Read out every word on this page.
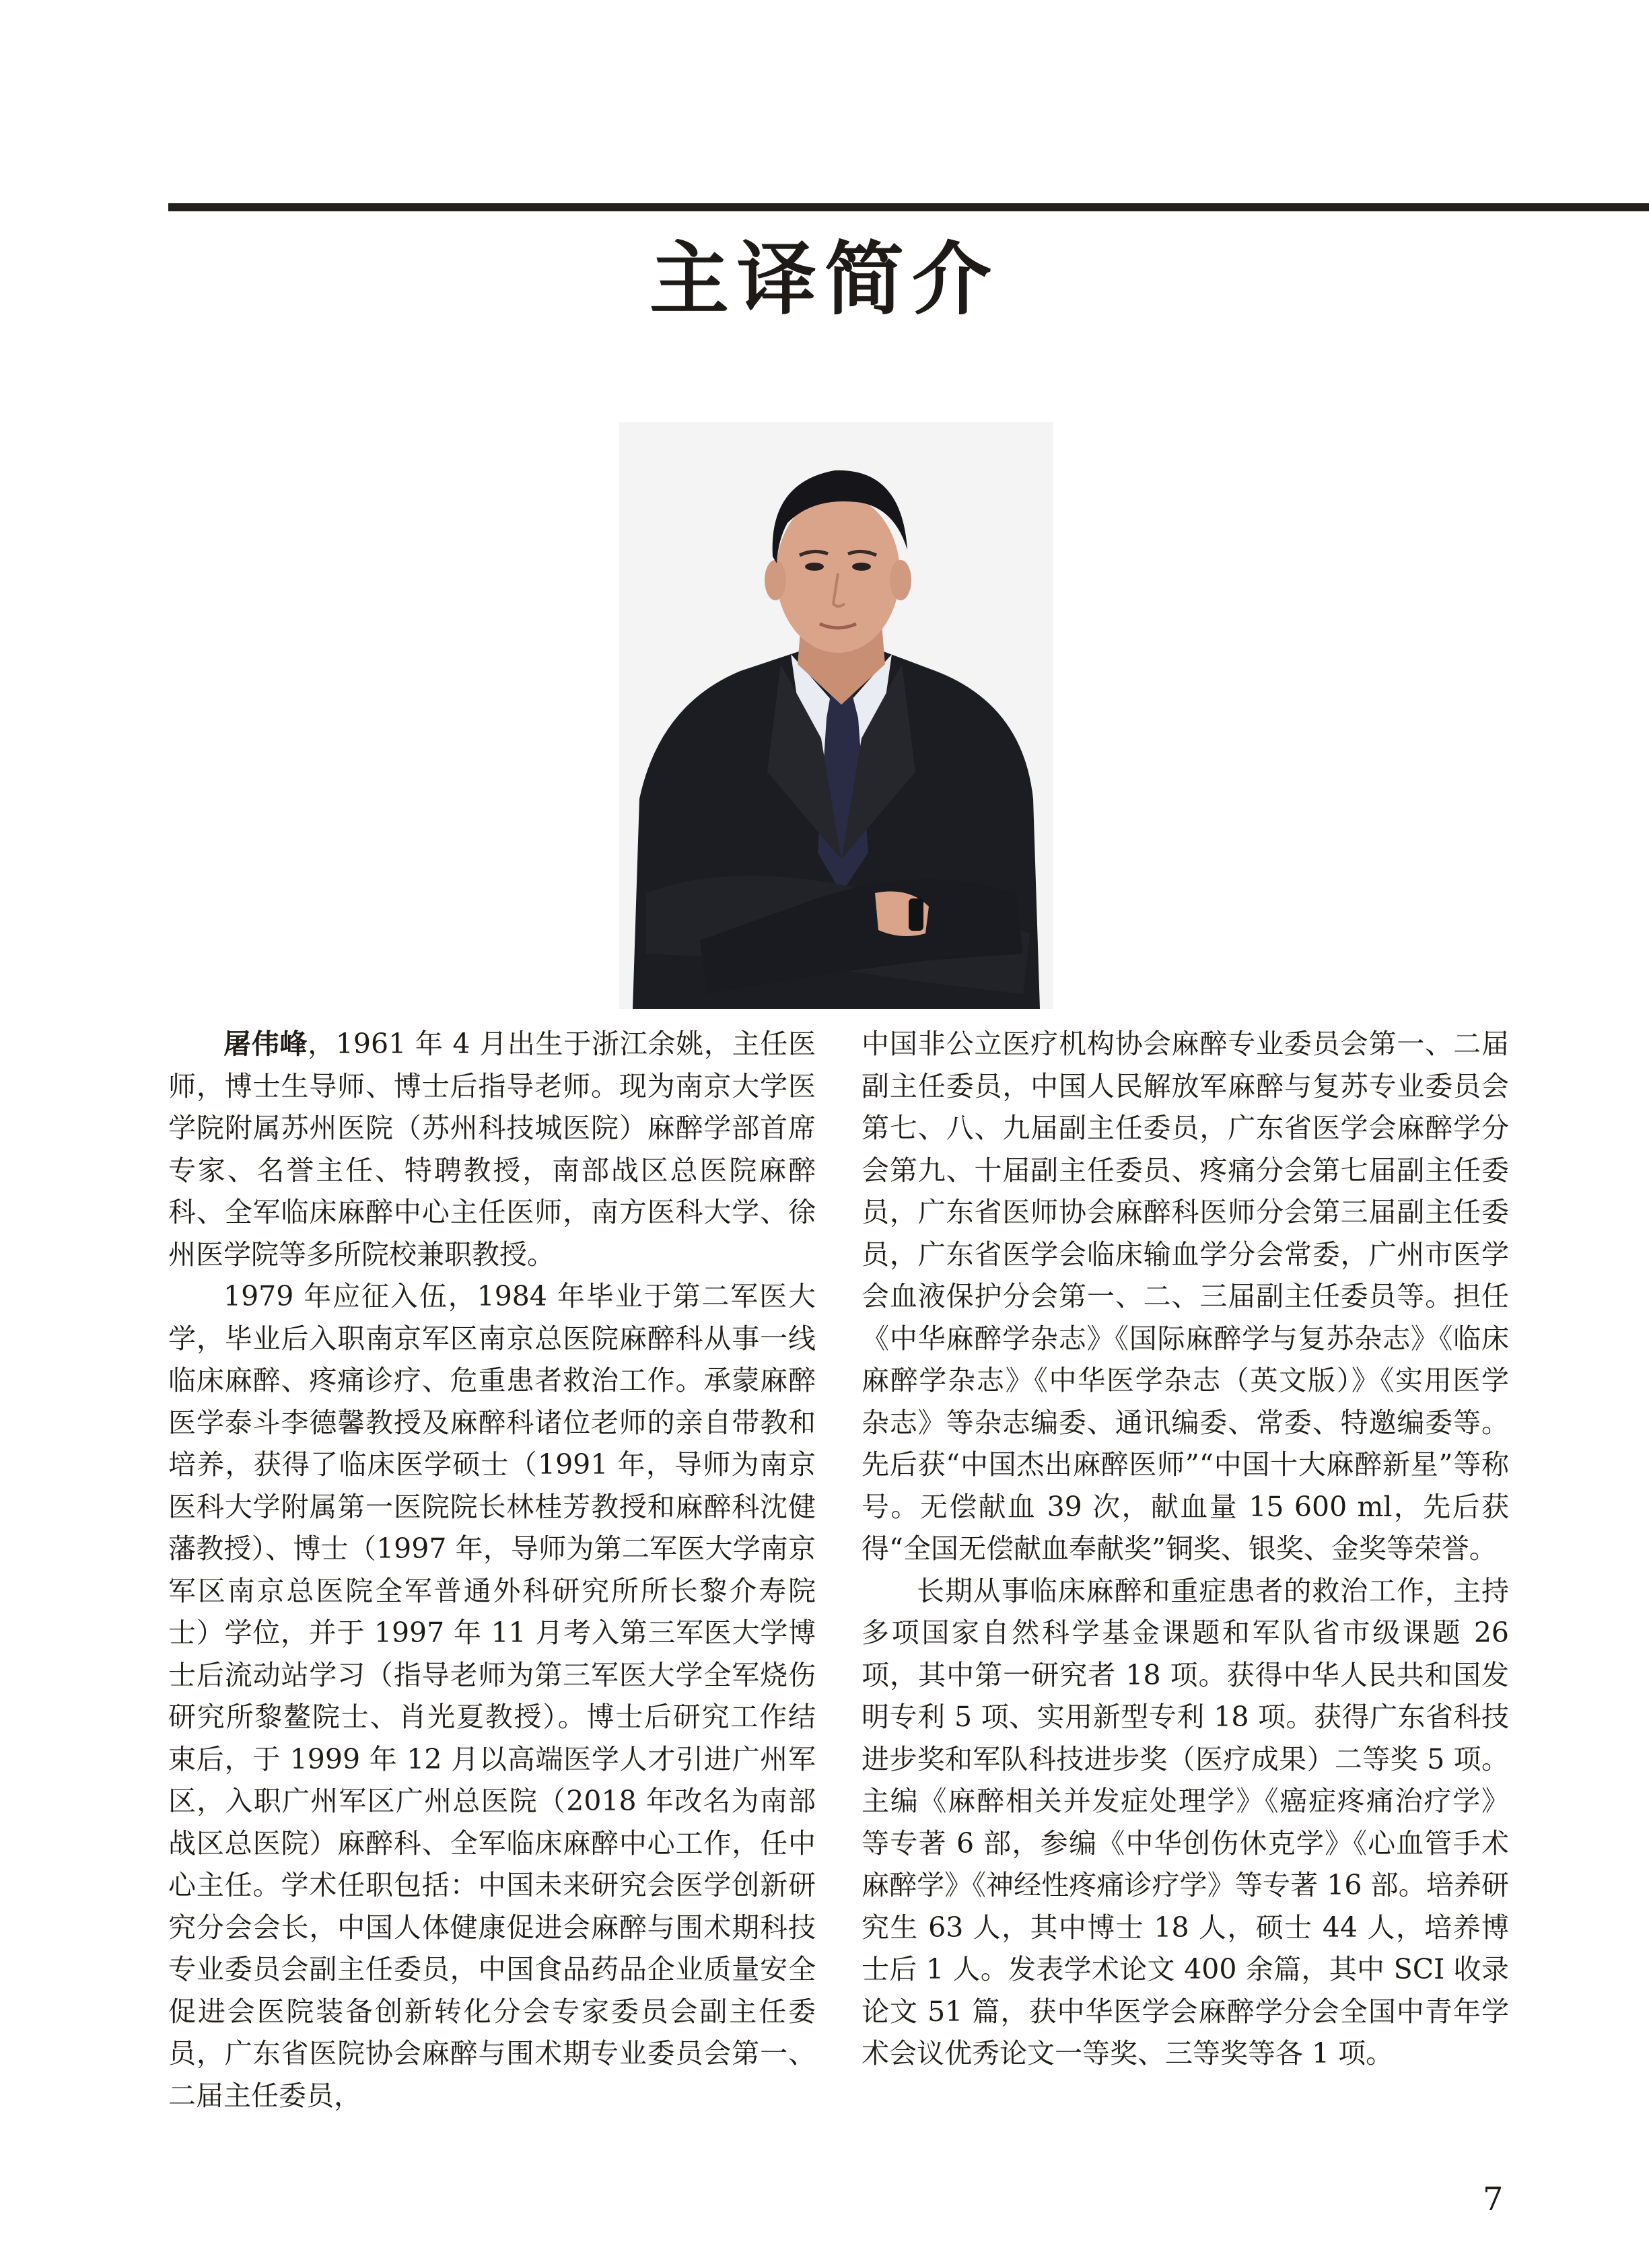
主译简介

屠伟峰，1961 年 4 月出生于浙江余姚，主任医师，博士生导师、博士后指导老师。现为南京大学医学院附属苏州医院（苏州科技城医院）麻醉学部首席专家、名誉主任、特聘教授，南部战区总医院麻醉科、全军临床麻醉中心主任医师，南方医科大学、徐州医学院等多所院校兼职教授。

1979 年应征入伍，1984 年毕业于第二军医大学，毕业后入职南京军区南京总医院麻醉科从事一线临床麻醉、疼痛诊疗、危重患者救治工作。承蒙麻醉医学泰斗李德馨教授及麻醉科诸位老师的亲自带教和培养，获得了临床医学硕士（1991 年，导师为南京医科大学附属第一医院院长林桂芳教授和麻醉科沈健藩教授）、博士（1997 年，导师为第二军医大学南京军区南京总医院全军普通外科研究所所长黎介寿院士）学位，并于 1997 年 11 月考入第三军医大学博士后流动站学习（指导老师为第三军医大学全军烧伤研究所黎鳌院士、肖光夏教授）。博士后研究工作结束后，于 1999 年 12 月以高端医学人才引进广州军区，入职广州军区广州总医院（2018 年改名为南部战区总医院）麻醉科、全军临床麻醉中心工作，任中心主任。学术任职包括：中国未来研究会医学创新研究分会会长，中国人体健康促进会麻醉与围术期科技专业委员会副主任委员，中国食品药品企业质量安全促进会医院装备创新转化分会专家委员会副主任委员，广东省医院协会麻醉与围术期专业委员会第一、二届主任委员，

中国非公立医疗机构协会麻醉专业委员会第一、二届副主任委员，中国人民解放军麻醉与复苏专业委员会第七、八、九届副主任委员，广东省医学会麻醉学分会第九、十届副主任委员、疼痛分会第七届副主任委员，广东省医师协会麻醉科医师分会第三届副主任委员，广东省医学会临床输血学分会常委，广州市医学会血液保护分会第一、二、三届副主任委员等。担任《中华麻醉学杂志》《国际麻醉学与复苏杂志》《临床麻醉学杂志》《中华医学杂志（英文版）》《实用医学杂志》等杂志编委、通讯编委、常委、特邀编委等。先后获“中国杰出麻醉医师”“中国十大麻醉新星”等称号。无偿献血 39 次，献血量 15 600 ml，先后获得“全国无偿献血奉献奖”铜奖、银奖、金奖等荣誉。

长期从事临床麻醉和重症患者的救治工作，主持多项国家自然科学基金课题和军队省市级课题 26 项，其中第一研究者 18 项。获得中华人民共和国发明专利 5 项、实用新型专利 18 项。获得广东省科技进步奖和军队科技进步奖（医疗成果）二等奖 5 项。主编《麻醉相关并发症处理学》《癌症疼痛治疗学》等专著 6 部，参编《中华创伤休克学》《心血管手术麻醉学》《神经性疼痛诊疗学》等专著 16 部。培养研究生 63 人，其中博士 18 人，硕士 44 人，培养博士后 1 人。发表学术论文 400 余篇，其中 SCI 收录论文 51 篇，获中华医学会麻醉学分会全国中青年学术会议优秀论文一等奖、三等奖等各 1 项。

7
